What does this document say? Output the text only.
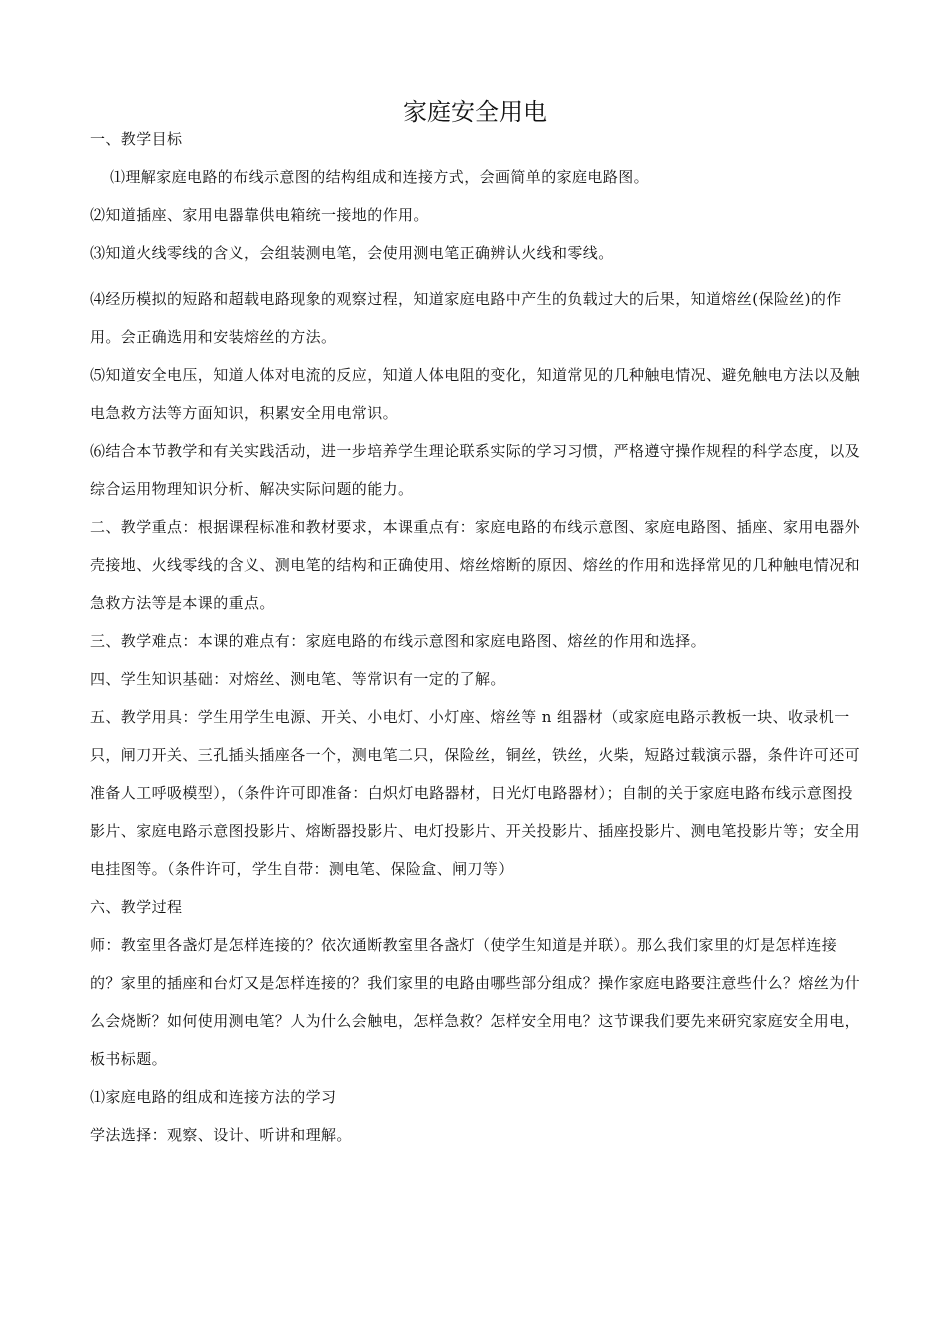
家庭安全用电

一、教学目标

⑴理解家庭电路的布线示意图的结构组成和连接方式，会画简单的家庭电路图。

⑵知道插座、家用电器靠供电箱统一接地的作用。

⑶知道火线零线的含义，会组装测电笔，会使用测电笔正确辨认火线和零线。

⑷经历模拟的短路和超载电路现象的观察过程，知道家庭电路中产生的负载过大的后果，知道熔丝(保险丝)的作用。会正确选用和安装熔丝的方法。

⑸知道安全电压，知道人体对电流的反应，知道人体电阻的变化，知道常见的几种触电情况、避免触电方法以及触电急救方法等方面知识，积累安全用电常识。

⑹结合本节教学和有关实践活动，进一步培养学生理论联系实际的学习习惯，严格遵守操作规程的科学态度，以及综合运用物理知识分析、解决实际问题的能力。

二、教学重点：根据课程标准和教材要求，本课重点有：家庭电路的布线示意图、家庭电路图、插座、家用电器外壳接地、火线零线的含义、测电笔的结构和正确使用、熔丝熔断的原因、熔丝的作用和选择常见的几种触电情况和急救方法等是本课的重点。

三、教学难点：本课的难点有：家庭电路的布线示意图和家庭电路图、熔丝的作用和选择。

四、学生知识基础：对熔丝、测电笔、等常识有一定的了解。

五、教学用具：学生用学生电源、开关、小电灯、小灯座、熔丝等 n 组器材（或家庭电路示教板一块、收录机一只，闸刀开关、三孔插头插座各一个，测电笔二只，保险丝，铜丝，铁丝，火柴，短路过载演示器，条件许可还可准备人工呼吸模型），（条件许可即准备：白炽灯电路器材，日光灯电路器材）；自制的关于家庭电路布线示意图投影片、家庭电路示意图投影片、熔断器投影片、电灯投影片、开关投影片、插座投影片、测电笔投影片等；安全用电挂图等。（条件许可，学生自带：测电笔、保险盒、闸刀等）

六、教学过程

师：教室里各盏灯是怎样连接的？依次通断教室里各盏灯（使学生知道是并联）。那么我们家里的灯是怎样连接的？家里的插座和台灯又是怎样连接的？我们家里的电路由哪些部分组成？操作家庭电路要注意些什么？熔丝为什么会烧断？如何使用测电笔？人为什么会触电，怎样急救？怎样安全用电？这节课我们要先来研究家庭安全用电，板书标题。

⑴家庭电路的组成和连接方法的学习

学法选择：观察、设计、听讲和理解。
